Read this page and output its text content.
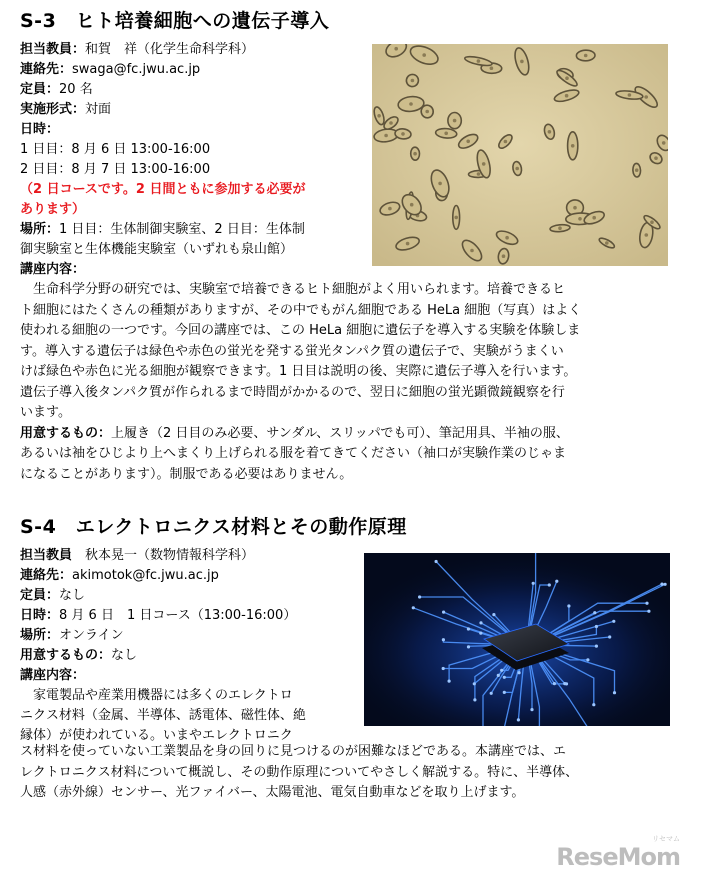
S-3　ヒト培養細胞への遺伝子導入
担当教員：和賀　祥（化学生命科学科）
連絡先：swaga@fc.jwu.ac.jp
定員：20 名
実施形式：対面
日時：
1 日目：8 月 6 日 13:00-16:00
2 日目：8 月 7 日 13:00-16:00
（2 日コースです。2 日間ともに参加する必要が
あります）
場所：1 日目：生体制御実験室、2 日目：生体制
御実験室と生体機能実験室（いずれも泉山館）
講座内容：
　生命科学分野の研究では、実験室で培養できるヒト細胞がよく用いられます。培養できるヒ
ト細胞にはたくさんの種類がありますが、その中でもがん細胞である HeLa 細胞（写真）はよく
使われる細胞の一つです。今回の講座では、この HeLa 細胞に遺伝子を導入する実験を体験しま
す。導入する遺伝子は緑色や赤色の蛍光を発する蛍光タンパク質の遺伝子で、実験がうまくい
けば緑色や赤色に光る細胞が観察できます。1 日目は説明の後、実際に遺伝子導入を行います。
遺伝子導入後タンパク質が作られるまで時間がかかるので、翌日に細胞の蛍光顕微鏡観察を行
います。
用意するもの：上履き（2 日目のみ必要、サンダル、スリッパでも可）、筆記用具、半袖の服、
あるいは袖をひじより上へまくり上げられる服を着てきてください（袖口が実験作業のじゃま
になることがあります）。制服である必要はありません。
S-4　エレクトロニクス材料とその動作原理
担当教員　秋本晃一（数物情報科学科）
連絡先：akimotok@fc.jwu.ac.jp
定員：なし
日時：8 月 6 日　1 日コース（13:00-16:00）
場所：オンライン
用意するもの：なし
講座内容：
　家電製品や産業用機器には多くのエレクトロ
ニクス材料（金属、半導体、誘電体、磁性体、絶
縁体）が使われている。いまやエレクトロニク
ス材料を使っていない工業製品を身の回りに見つけるのが困難なほどである。本講座では、エ
レクトロニクス材料について概説し、その動作原理についてやさしく解説する。特に、半導体、
人感（赤外線）センサー、光ファイバー、太陽電池、電気自動車などを取り上げます。
ReseMom
リセマム
